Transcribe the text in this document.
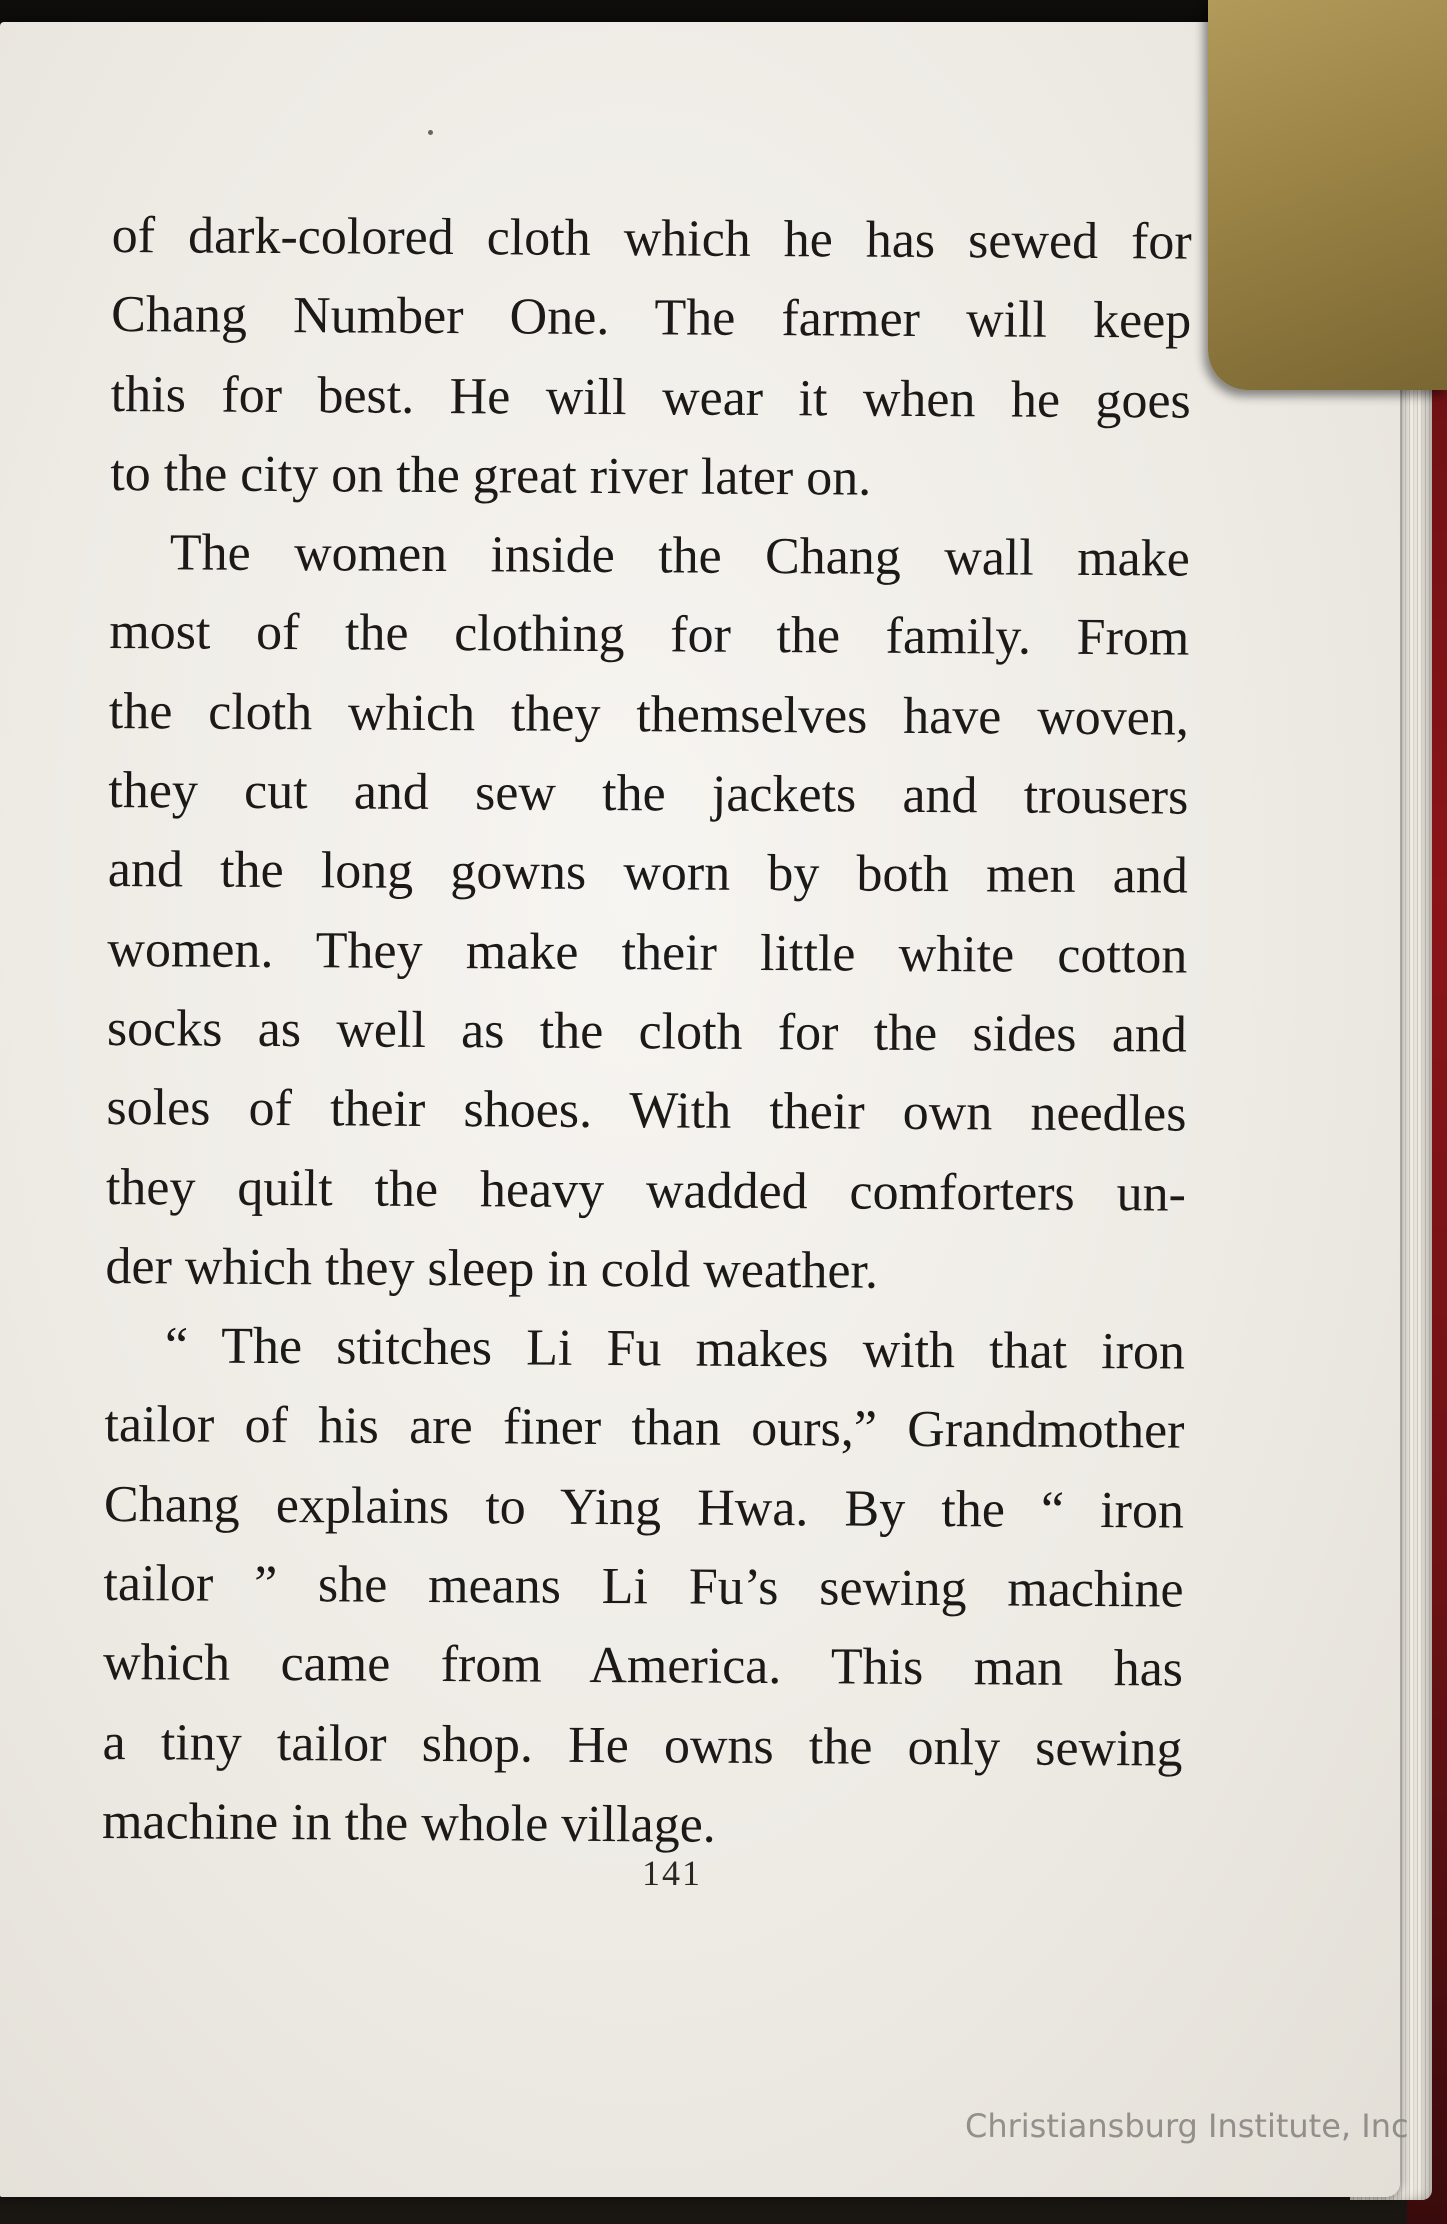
of dark-colored cloth which he has sewed for
Chang Number One. The farmer will keep
this for best. He will wear it when he goes
to the city on the great river later on.
The women inside the Chang wall make
most of the clothing for the family. From
the cloth which they themselves have woven,
they cut and sew the jackets and trousers
and the long gowns worn by both men and
women. They make their little white cotton
socks as well as the cloth for the sides and
soles of their shoes. With their own needles
they quilt the heavy wadded comforters un-
der which they sleep in cold weather.
“ The stitches Li Fu makes with that iron
tailor of his are finer than ours,” Grandmother
Chang explains to Ying Hwa. By the “ iron
tailor ” she means Li Fu’s sewing machine
which came from America. This man has
a tiny tailor shop. He owns the only sewing
machine in the whole village.
141
Christiansburg Institute, Inc
